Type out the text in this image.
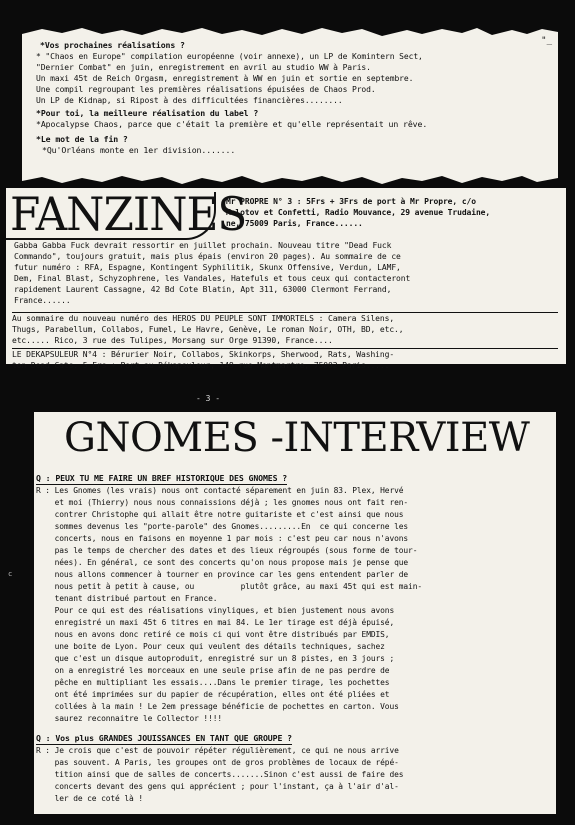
*Vos prochaines réalisations ?
* "Chaos en Europe" compilation européenne (voir annexe), un LP de Komintern Sect,
"Dernier Combat" en juin, enregistrement en avril au studio WW à Paris.
Un maxi 45t de Reich Orgasm, enregistrement à WW en juin et sortie en septembre.
Une compil regroupant les premières réalisations épuisées de Chaos Prod.
Un LP de Kidnap, si Ripost à des difficultées financières........
*Pour toi, la meilleure réalisation du label ?
*Apocalypse Chaos, parce que c'était la première et qu'elle représentait un rêve.
*Le mot de la fin ?
*Qu'Orléans monte en 1er division.......
"_
FANZINES
Mr PROPRE N° 3 : 5Frs + 3Frs de port à Mr Propre, c/o
Molotov et Confetti, Radio Mouvance, 29 avenue Trudaine,
ne, 75009 Paris, France......
Gabba Gabba Fuck devrait ressortir en juillet prochain. Nouveau titre "Dead Fuck
Commando", toujours gratuit, mais plus épais (environ 20 pages). Au sommaire de ce
futur numéro : RFA, Espagne, Kontingent Syphilitik, Skunx Offensive, Verdun, LAMF,
Dem, Final Blast, Schyzophrene, les Vandales, Hatefuls et tous ceux qui contacteront
rapidement Laurent Cassagne, 42 Bd Cote Blatin, Apt 311, 63000 Clermont Ferrand,
France......
Au sommaire du nouveau numéro des HEROS DU PEUPLE SONT IMMORTELS : Camera Silens,
Thugs, Parabellum, Collabos, Fumel, Le Havre, Genève, Le roman Noir, OTH, BD, etc.,
etc..... Rico, 3 rue des Tulipes, Morsang sur Orge 91390, France....
LE DEKAPSULEUR N°4 : Bérurier Noir, Collabos, Skinkorps, Sherwood, Rats, Washing-
ton Dead Cats. 5 Frs + Port au Dékapsuleur, 149 rue Montmartre, 75002 Paris.....
- 3 -
GNOMES -INTERVIEW
Q : PEUX TU ME FAIRE UN BREF HISTORIQUE DES GNOMES ?
R : Les Gnomes (les vrais) nous ont contacté séparement en juin 83. Plex, Hervé
et moi (Thierry) nous nous connaissions déjà ; les gnomes nous ont fait ren-
contrer Christophe qui allait être notre guitariste et c'est ainsi que nous
sommes devenus les "porte-parole" des Gnomes.........En  ce qui concerne les
concerts, nous en faisons en moyenne 1 par mois : c'est peu car nous n'avons
pas le temps de chercher des dates et des lieux régroupés (sous forme de tour-
nées). En général, ce sont des concerts qu'on nous propose mais je pense que
nous allons commencer à tourner en province car les gens entendent parler de
nous petit à petit à cause, ou          plutôt grâce, au maxi 45t qui est main-
tenant distribué partout en France.
Pour ce qui est des réalisations vinyliques, et bien justement nous avons
enregistré un maxi 45t 6 titres en mai 84. Le 1er tirage est déjà épuisé,
nous en avons donc retiré ce mois ci qui vont être distribués par EMDIS,
une boite de Lyon. Pour ceux qui veulent des détails techniques, sachez
que c'est un disque autoproduit, enregistré sur un 8 pistes, en 3 jours ;
on a enregistré les morceaux en une seule prise afin de ne pas perdre de
pêche en multipliant les essais....Dans le premier tirage, les pochettes
ont été imprimées sur du papier de récupération, elles ont été pliées et
collées à la main ! Le 2em pressage bénéficie de pochettes en carton. Vous
saurez reconnaitre le Collector !!!!
Q : Vos plus GRANDES JOUISSANCES EN TANT QUE GROUPE ?
R : Je crois que c'est de pouvoir répéter régulièrement, ce qui ne nous arrive
pas souvent. A Paris, les groupes ont de gros problèmes de locaux de répé-
tition ainsi que de salles de concerts.......Sinon c'est aussi de faire des
concerts devant des gens qui apprécient ; pour l'instant, ça à l'air d'al-
ler de ce coté là !
c
